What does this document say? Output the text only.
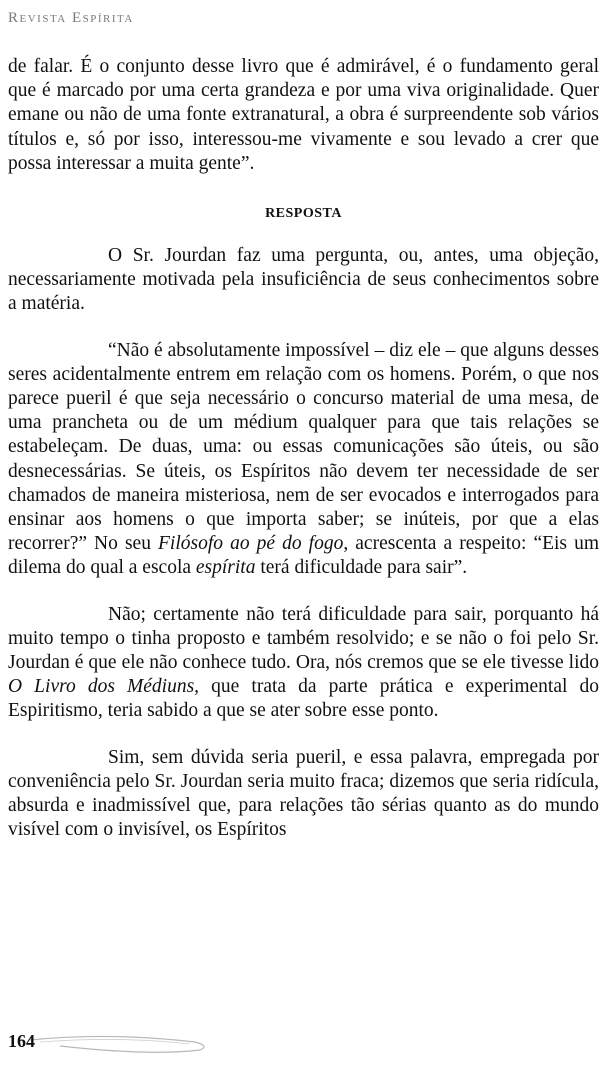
Revista Espírita

de falar. É o conjunto desse livro que é admirável, é o fundamento geral que é marcado por uma certa grandeza e por uma viva originalidade. Quer emane ou não de uma fonte extranatural, a obra é surpreendente sob vários títulos e, só por isso, interessou-me vivamente e sou levado a crer que possa interessar a muita gente”.

RESPOSTA

O Sr. Jourdan faz uma pergunta, ou, antes, uma objeção, necessariamente motivada pela insuficiência de seus conhecimentos sobre a matéria.

“Não é absolutamente impossível – diz ele – que alguns desses seres acidentalmente entrem em relação com os homens. Porém, o que nos parece pueril é que seja necessário o concurso material de uma mesa, de uma prancheta ou de um médium qualquer para que tais relações se estabeleçam. De duas, uma: ou essas comunicações são úteis, ou são desnecessárias. Se úteis, os Espíritos não devem ter necessidade de ser chamados de maneira misteriosa, nem de ser evocados e interrogados para ensinar aos homens o que importa saber; se inúteis, por que a elas recorrer?” No seu Filósofo ao pé do fogo, acrescenta a respeito: “Eis um dilema do qual a escola espírita terá dificuldade para sair”.

Não; certamente não terá dificuldade para sair, porquanto há muito tempo o tinha proposto e também resolvido; e se não o foi pelo Sr. Jourdan é que ele não conhece tudo. Ora, nós cremos que se ele tivesse lido O Livro dos Médiuns, que trata da parte prática e experimental do Espiritismo, teria sabido a que se ater sobre esse ponto.

Sim, sem dúvida seria pueril, e essa palavra, empregada por conveniência pelo Sr. Jourdan seria muito fraca; dizemos que seria ridícula, absurda e inadmissível que, para relações tão sérias quanto as do mundo visível com o invisível, os Espíritos

164
